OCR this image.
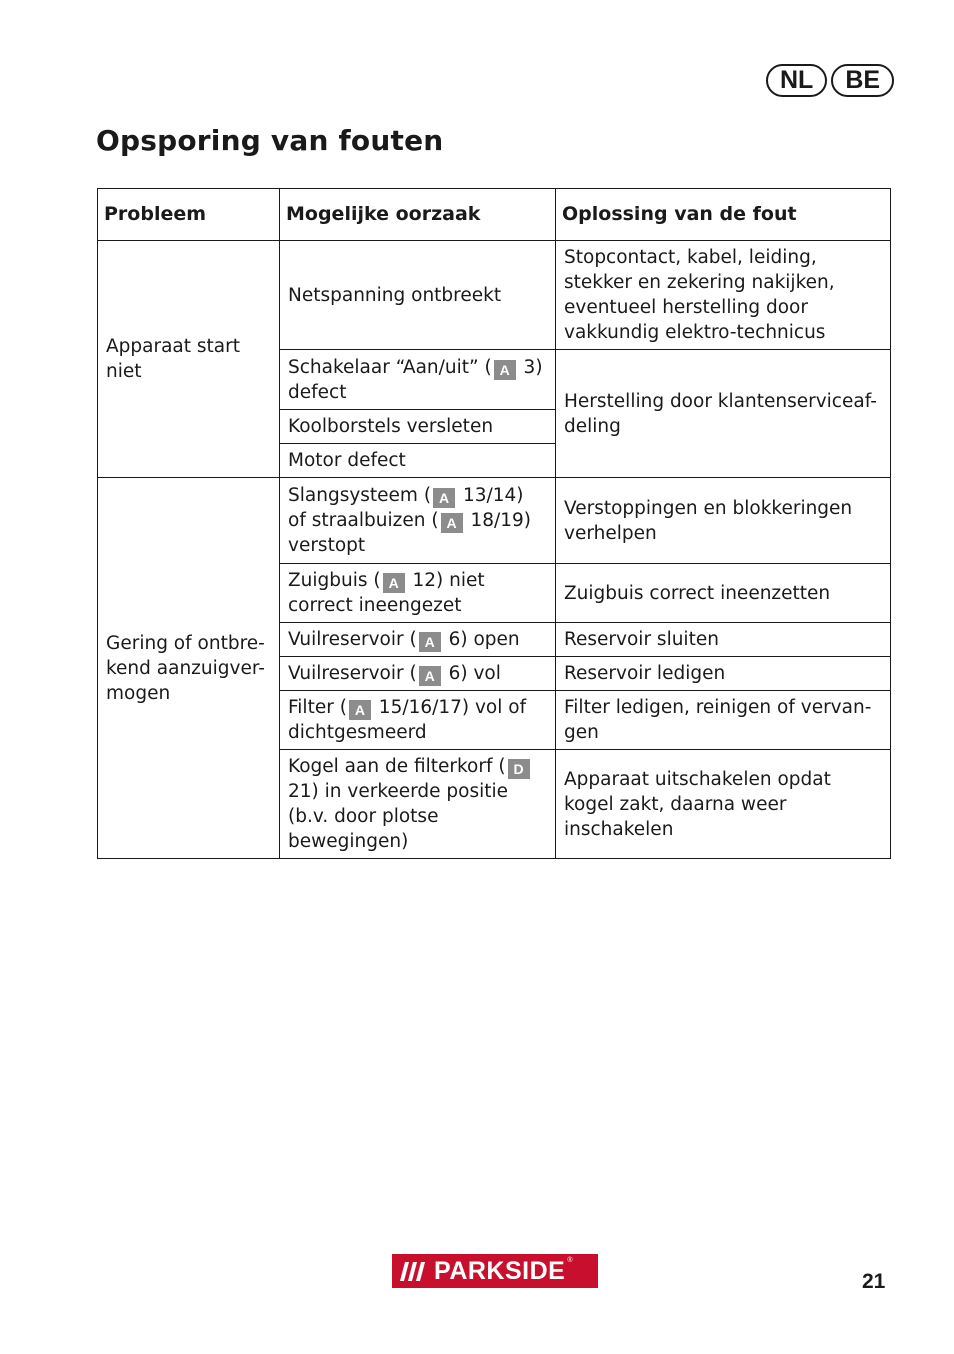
NL	BE
Opsporing van fouten
Probleem	Mogelijke oorzaak	Oplossing van de fout
Apparaat start niet	Netspanning ontbreekt	Stopcontact, kabel, leiding, stekker en zekering nakijken, eventueel herstelling door vakkundig elektro-technicus
	Schakelaar “Aan/uit” ( A 3) defect	Herstelling door klantenserviceaf-deling
	Koolborstels versleten	
	Motor defect	
Gering of ontbre-kend aanzuigver-mogen	Slangsysteem ( A 13/14) of straalbuizen ( A 18/19) verstopt	Verstoppingen en blokkeringen verhelpen
	Zuigbuis ( A 12) niet correct ineengezet	Zuigbuis correct ineenzetten
	Vuilreservoir ( A 6) open	Reservoir sluiten
	Vuilreservoir ( A 6) vol	Reservoir ledigen
	Filter ( A 15/16/17) vol of dichtgesmeerd	Filter ledigen, reinigen of vervan-gen
	Kogel aan de filterkorf ( D 21) in verkeerde positie (b.v. door plotse bewegingen)	Apparaat uitschakelen opdat kogel zakt, daarna weer inschakelen
PARKSIDE ®
21
